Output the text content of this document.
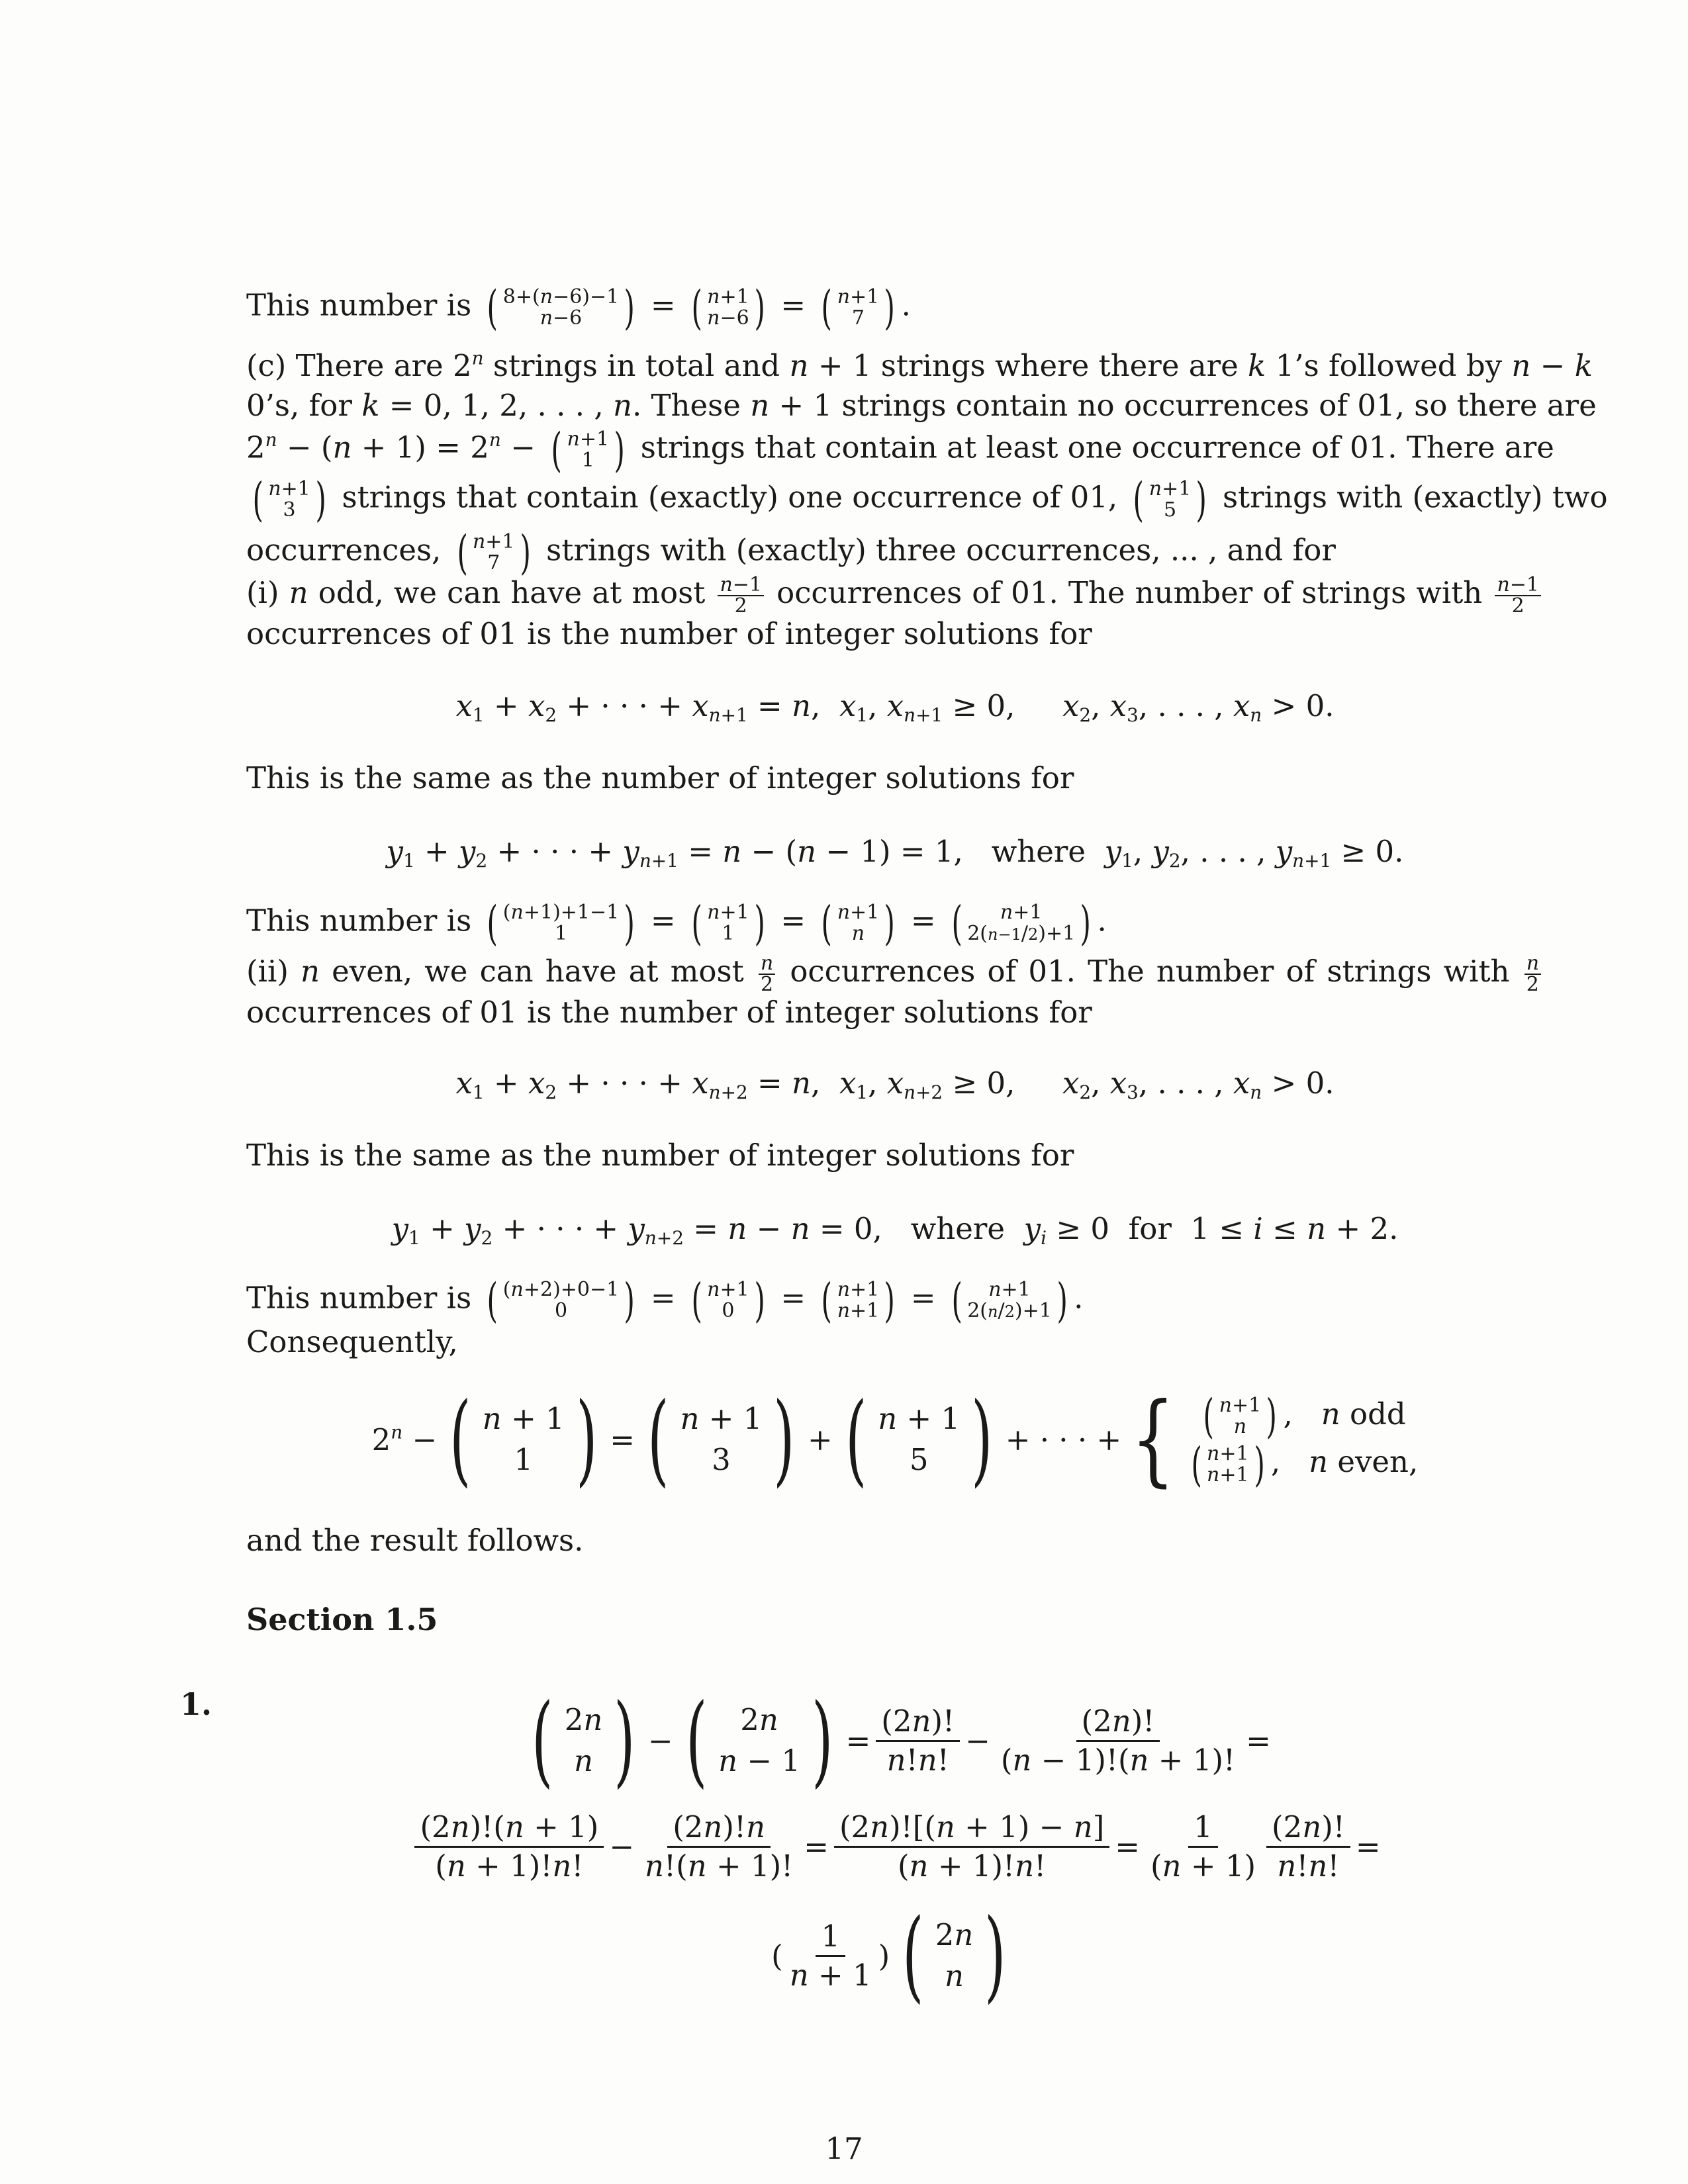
This number is ( 8+(n−6)−1
n−6 ) = ( n+1
n−6 ) = ( n+1
7 ) .
(c) There are 2$^n$ strings in total and n + 1 strings where there are k 1’s followed by n − k
0’s, for k = 0, 1, 2, . . . , n. These n + 1 strings contain no occurrences of 01, so there are
$2^n - (n + 1) = 2^n$ − ( n+1
1 ) strings that contain at least one occurrence of 01. There are
( n+1
3 ) strings that contain (exactly) one occurrence of 01, ( n+1
5 ) strings with (exactly) two
occurrences, ( n+1
7 ) strings with (exactly) three occurrences, ... , and for
(i) n odd, we can have at most $\frac{n-1}{2}$ occurrences of 01. The number of strings with $\frac{n-1}{2}$
occurrences of 01 is the number of integer solutions for
$x_1 + x_2$ + · · · + $x_{n+1} = n$,  $x_1$, $x_{n+1} \ge 0$,     $x_2$, $x_3$, . . . , $x_n > 0$.
This is the same as the number of integer solutions for
$y_1 + y_2$ + · · · + $y_{n+1} = n - (n - 1) = 1$,   where $y_1$, $y_2$, . . . , $y_{n+1} \ge 0$.
This number is ( (n+1)+1−1
1 ) = ( n+1
1 ) = ( n+1
n ) = ( n+1
2(n−1/2)+1 ) .
(ii) n even, we can have at most $\frac{n}{2}$ occurrences of 01. The number of strings with $\frac{n}{2}$
occurrences of 01 is the number of integer solutions for
$x_1 + x_2$ + · · · + $x_{n+2} = n$,  $x_1$, $x_{n+2} \ge 0$,     $x_2$, $x_3$, . . . , $x_n > 0$.
This is the same as the number of integer solutions for
$y_1 + y_2$ + · · · + $y_{n+2} = n - n = 0$,   where $y_i \ge 0$  for  1 ≤ i ≤ n + 2.
This number is ( (n+2)+0−1
0 ) = ( n+1
0 ) = ( n+1
n+1 ) = ( n+1
2(n/2)+1 ) .
Consequently,
$2^n$ − ( n + 1
1 ) = ( n + 1
3 ) + ( n + 1
5 ) + · · · + { ( n+1
n ) ,   n odd
( n+1
n+1 ) ,   n even,
and the result follows.
Section 1.5
1.	( 2n
n ) − ( 2n
n − 1 ) = $\frac{(2n)!}{n!n!} - \frac{(2n)!}{(n - 1)!(n + 1)!}$ =
(2n)!(n + 1)
(n + 1)!n!
− $\frac{(2n)!n}{n!(n + 1)!} = \frac{(2n)![(n + 1) - n]}{(n + 1)!n!} = \frac{1}{(n + 1)} \frac{(2n)!}{n!n!}$ =
(
1
n + 1
) ( 2n
n )
17
